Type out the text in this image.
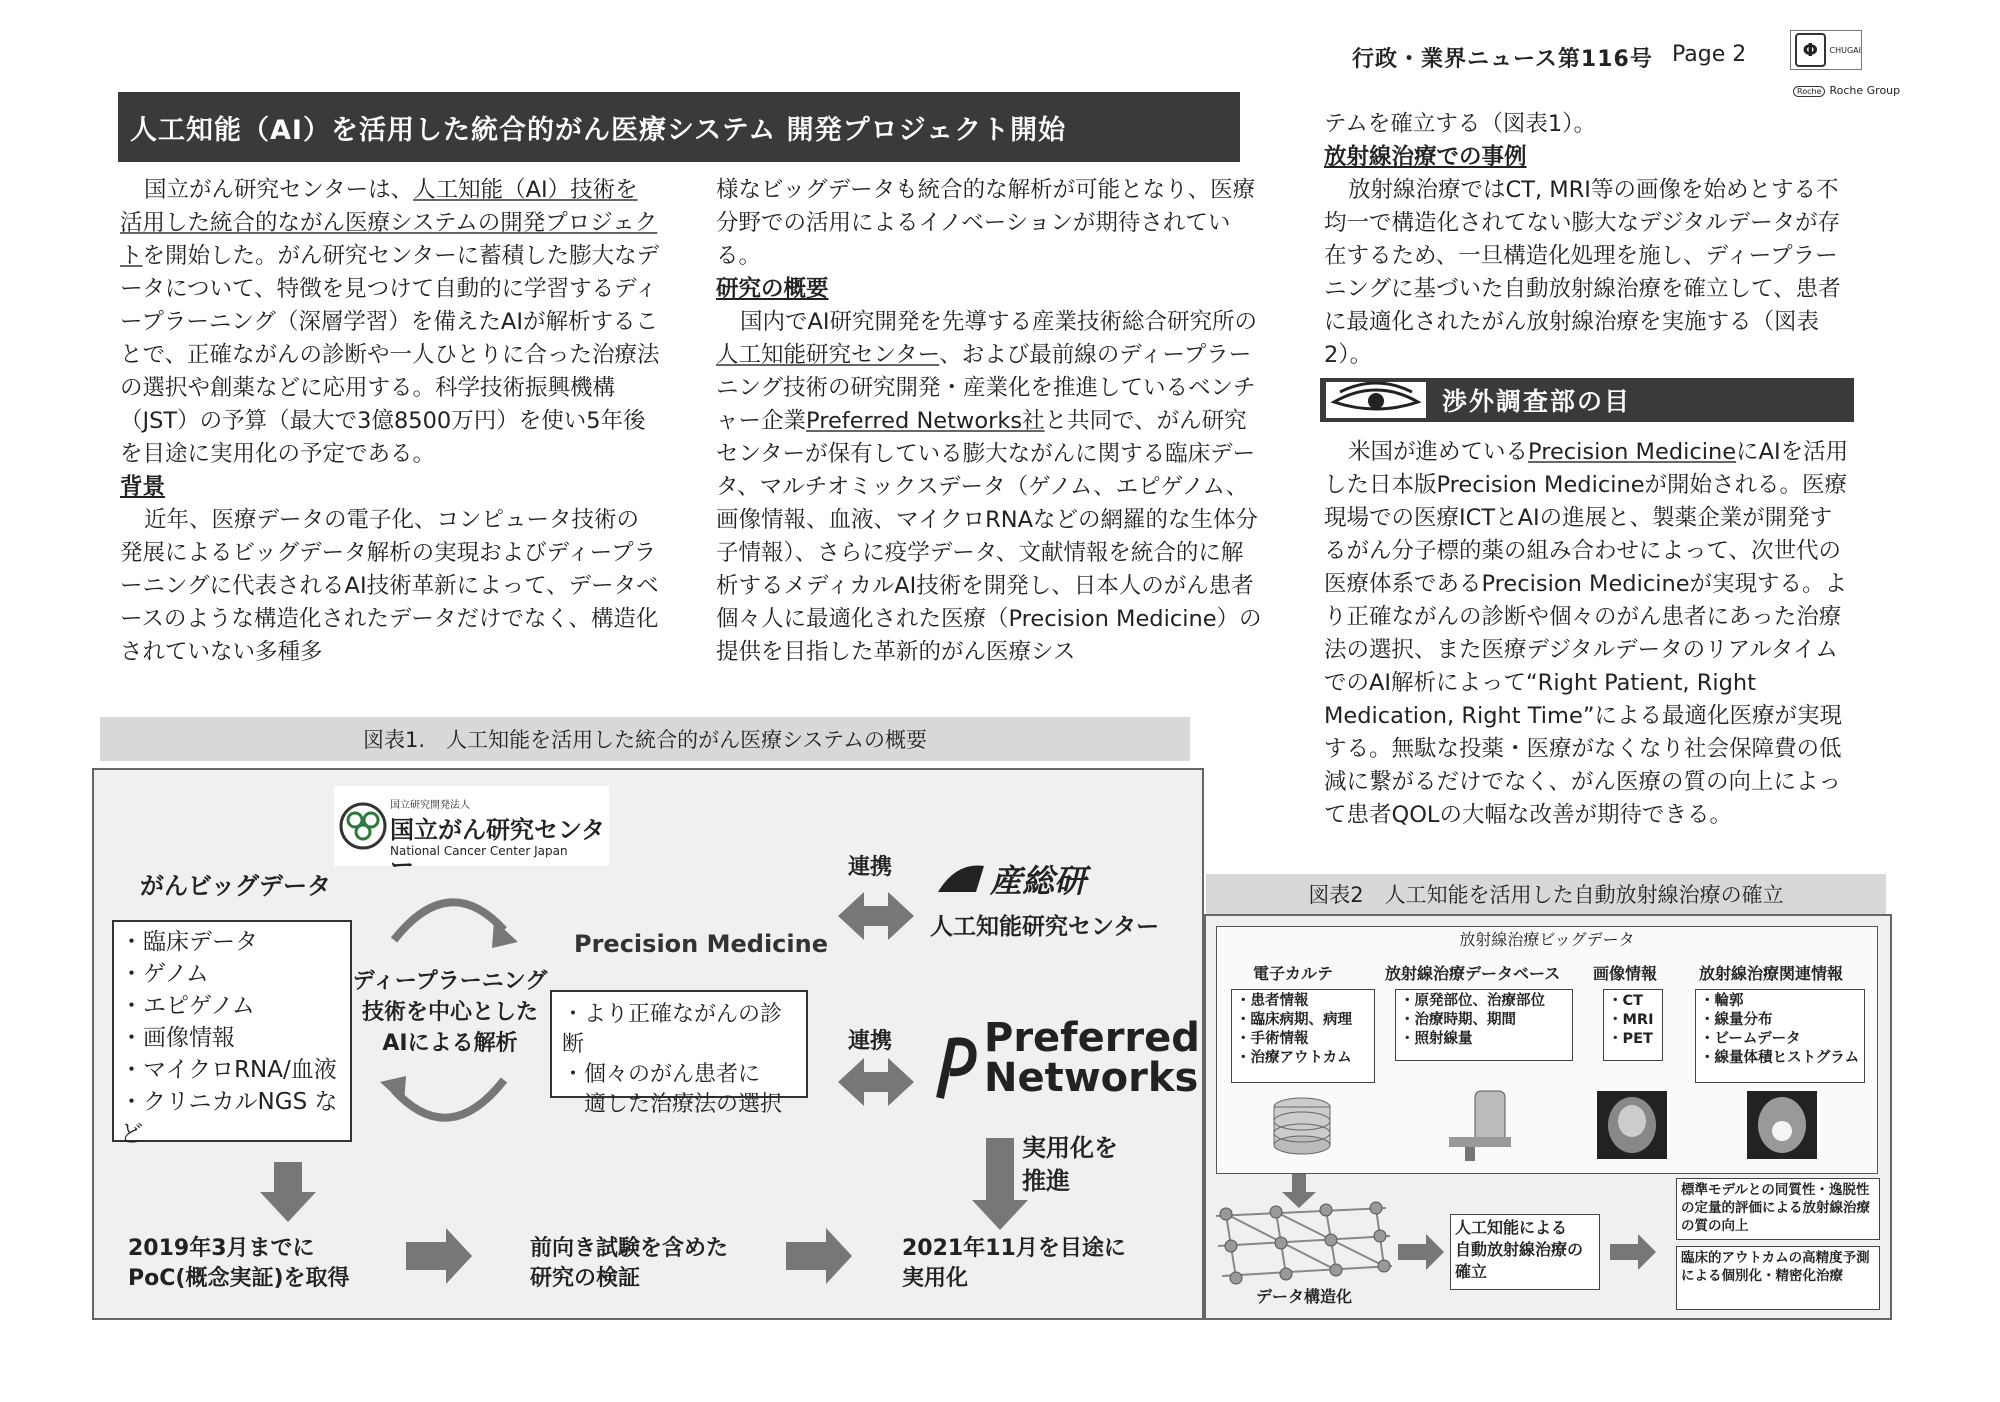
行政・業界ニュース第116号 Page 2	Φ	CHUGAI
Roche Roche Group
人工知能（AI）を活用した統合的がん医療システム 開発プロジェクト開始

国立がん研究センターは、人工知能（AI）技術を活用した統合的ながん医療システムの開発プロジェクトを開始した。がん研究センターに蓄積した膨大なデータについて、特徴を見つけて自動的に学習するディープラーニング（深層学習）を備えたAIが解析することで、正確ながんの診断や一人ひとりに合った治療法の選択や創薬などに応用する。科学技術振興機構（JST）の予算（最大で3億8500万円）を使い5年後を目途に実用化の予定である。

背景

近年、医療データの電子化、コンピュータ技術の発展によるビッグデータ解析の実現およびディープラーニングに代表されるAI技術革新によって、データベースのような構造化されたデータだけでなく、構造化されていない多種多

様なビッグデータも統合的な解析が可能となり、医療分野での活用によるイノベーションが期待されている。

研究の概要

国内でAI研究開発を先導する産業技術総合研究所の人工知能研究センター、および最前線のディープラーニング技術の研究開発・産業化を推進しているベンチャー企業Preferred Networks社と共同で、がん研究センターが保有している膨大ながんに関する臨床データ、マルチオミックスデータ（ゲノム、エピゲノム、画像情報、血液、マイクロRNAなどの網羅的な生体分子情報）、さらに疫学データ、文献情報を統合的に解析するメディカルAI技術を開発し、日本人のがん患者個々人に最適化された医療（Precision Medicine）の提供を目指した革新的がん医療シス

テムを確立する（図表1）。

放射線治療での事例

放射線治療ではCT, MRI等の画像を始めとする不均一で構造化されてない膨大なデジタルデータが存在するため、一旦構造化処理を施し、ディープラーニングに基づいた自動放射線治療を確立して、患者に最適化されたがん放射線治療を実施する（図表2）。

渉外調査部の目

米国が進めているPrecision MedicineにAIを活用した日本版Precision Medicineが開始される。医療現場での医療ICTとAIの進展と、製薬企業が開発するがん分子標的薬の組み合わせによって、次世代の医療体系であるPrecision Medicineが実現する。より正確ながんの診断や個々のがん患者にあった治療法の選択、また医療デジタルデータのリアルタイムでのAI解析によって“Right Patient, Right Medication, Right Time”による最適化医療が実現する。無駄な投薬・医療がなくなり社会保障費の低減に繋がるだけでなく、がん医療の質の向上によって患者QOLの大幅な改善が期待できる。

図表1.　人工知能を活用した統合的がん医療システムの概要
国立研究開発法人
国立がん研究センター
National Cancer Center Japan
がんビッグデータ
・臨床データ
・ゲノム
・エピゲノム
・画像情報
・マイクロRNA/血液
・クリニカルNGS など
ディープラーニング
技術を中心とした
AIによる解析
Precision Medicine
・より正確ながんの診断
・個々のがん患者に
　適した治療法の選択
連携
連携
産総研
人工知能研究センター
Preferred
Networks
実用化を
推進
2019年3月までに
PoC(概念実証)を取得
前向き試験を含めた
研究の検証
2021年11月を目途に
実用化
図表2　人工知能を活用した自動放射線治療の確立
放射線治療ビッグデータ
電子カルテ
・患者情報
・臨床病期、病理
・手術情報
・治療アウトカム
放射線治療データベース
・原発部位、治療部位
・治療時期、期間
・照射線量
画像情報
・CT
・MRI
・PET
放射線治療関連情報
・輪郭
・線量分布
・ビームデータ
・線量体積ヒストグラム
データ構造化
人工知能による
自動放射線治療の
確立
標準モデルとの同質性・逸脱性の定量的評価による放射線治療の質の向上
臨床的アウトカムの高精度予測による個別化・精密化治療
